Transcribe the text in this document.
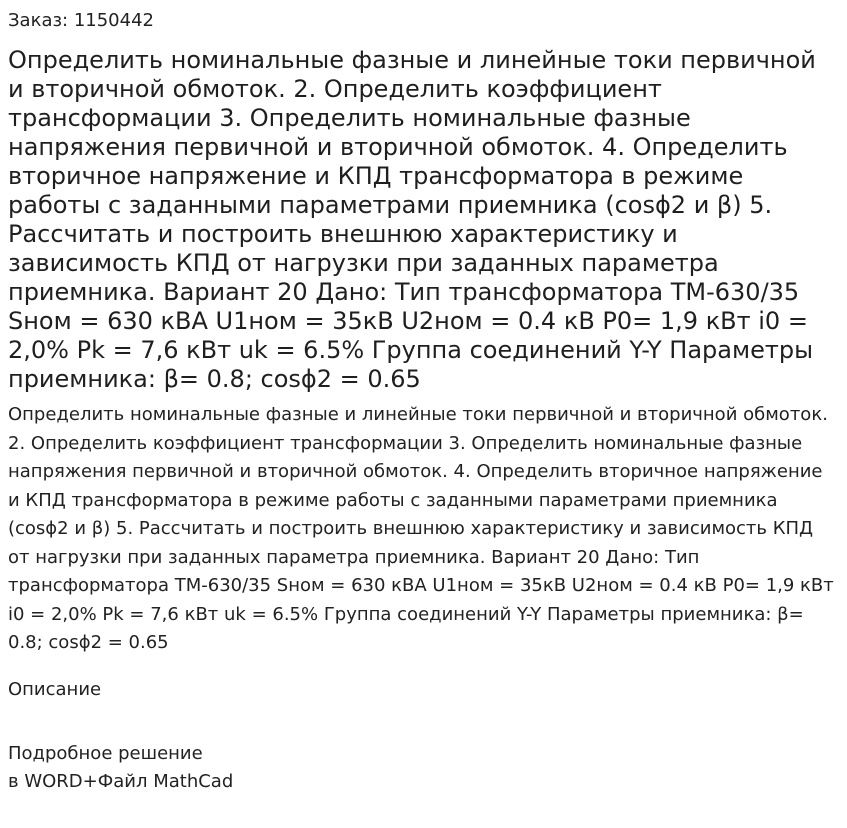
Заказ: 1150442
Определить номинальные фазные и линейные токи первичной и вторичной обмоток. 2. Определить коэффициент трансформации 3. Определить номинальные фазные напряжения первичной и вторичной обмоток. 4. Определить вторичное напряжение и КПД трансформатора в режиме работы с заданными параметрами приемника (cosϕ2 и β) 5. Рассчитать и построить внешнюю характеристику и зависимость КПД от нагрузки при заданных параметра приемника. Вариант 20 Дано: Тип трансформатора ТМ-630/35 Sном = 630 кВА U1ном = 35кВ U2ном = 0.4 кВ P0= 1,9 кВт i0 = 2,0% Pk = 7,6 кВт uk = 6.5% Группа соединений Y-Y Параметры приемника: β= 0.8; cosϕ2 = 0.65

Определить номинальные фазные и линейные токи первичной и вторичной обмоток. 2. Определить коэффициент трансформации 3. Определить номинальные фазные напряжения первичной и вторичной обмоток. 4. Определить вторичное напряжение и КПД трансформатора в режиме работы с заданными параметрами приемника (cosϕ2 и β) 5. Рассчитать и построить внешнюю характеристику и зависимость КПД от нагрузки при заданных параметра приемника. Вариант 20 Дано: Тип трансформатора ТМ-630/35 Sном = 630 кВА U1ном = 35кВ U2ном = 0.4 кВ P0= 1,9 кВт i0 = 2,0% Pk = 7,6 кВт uk = 6.5% Группа соединений Y-Y Параметры приемника: β= 0.8; cosϕ2 = 0.65

Описание
Подробное решение
в WORD+Файл MathCad
